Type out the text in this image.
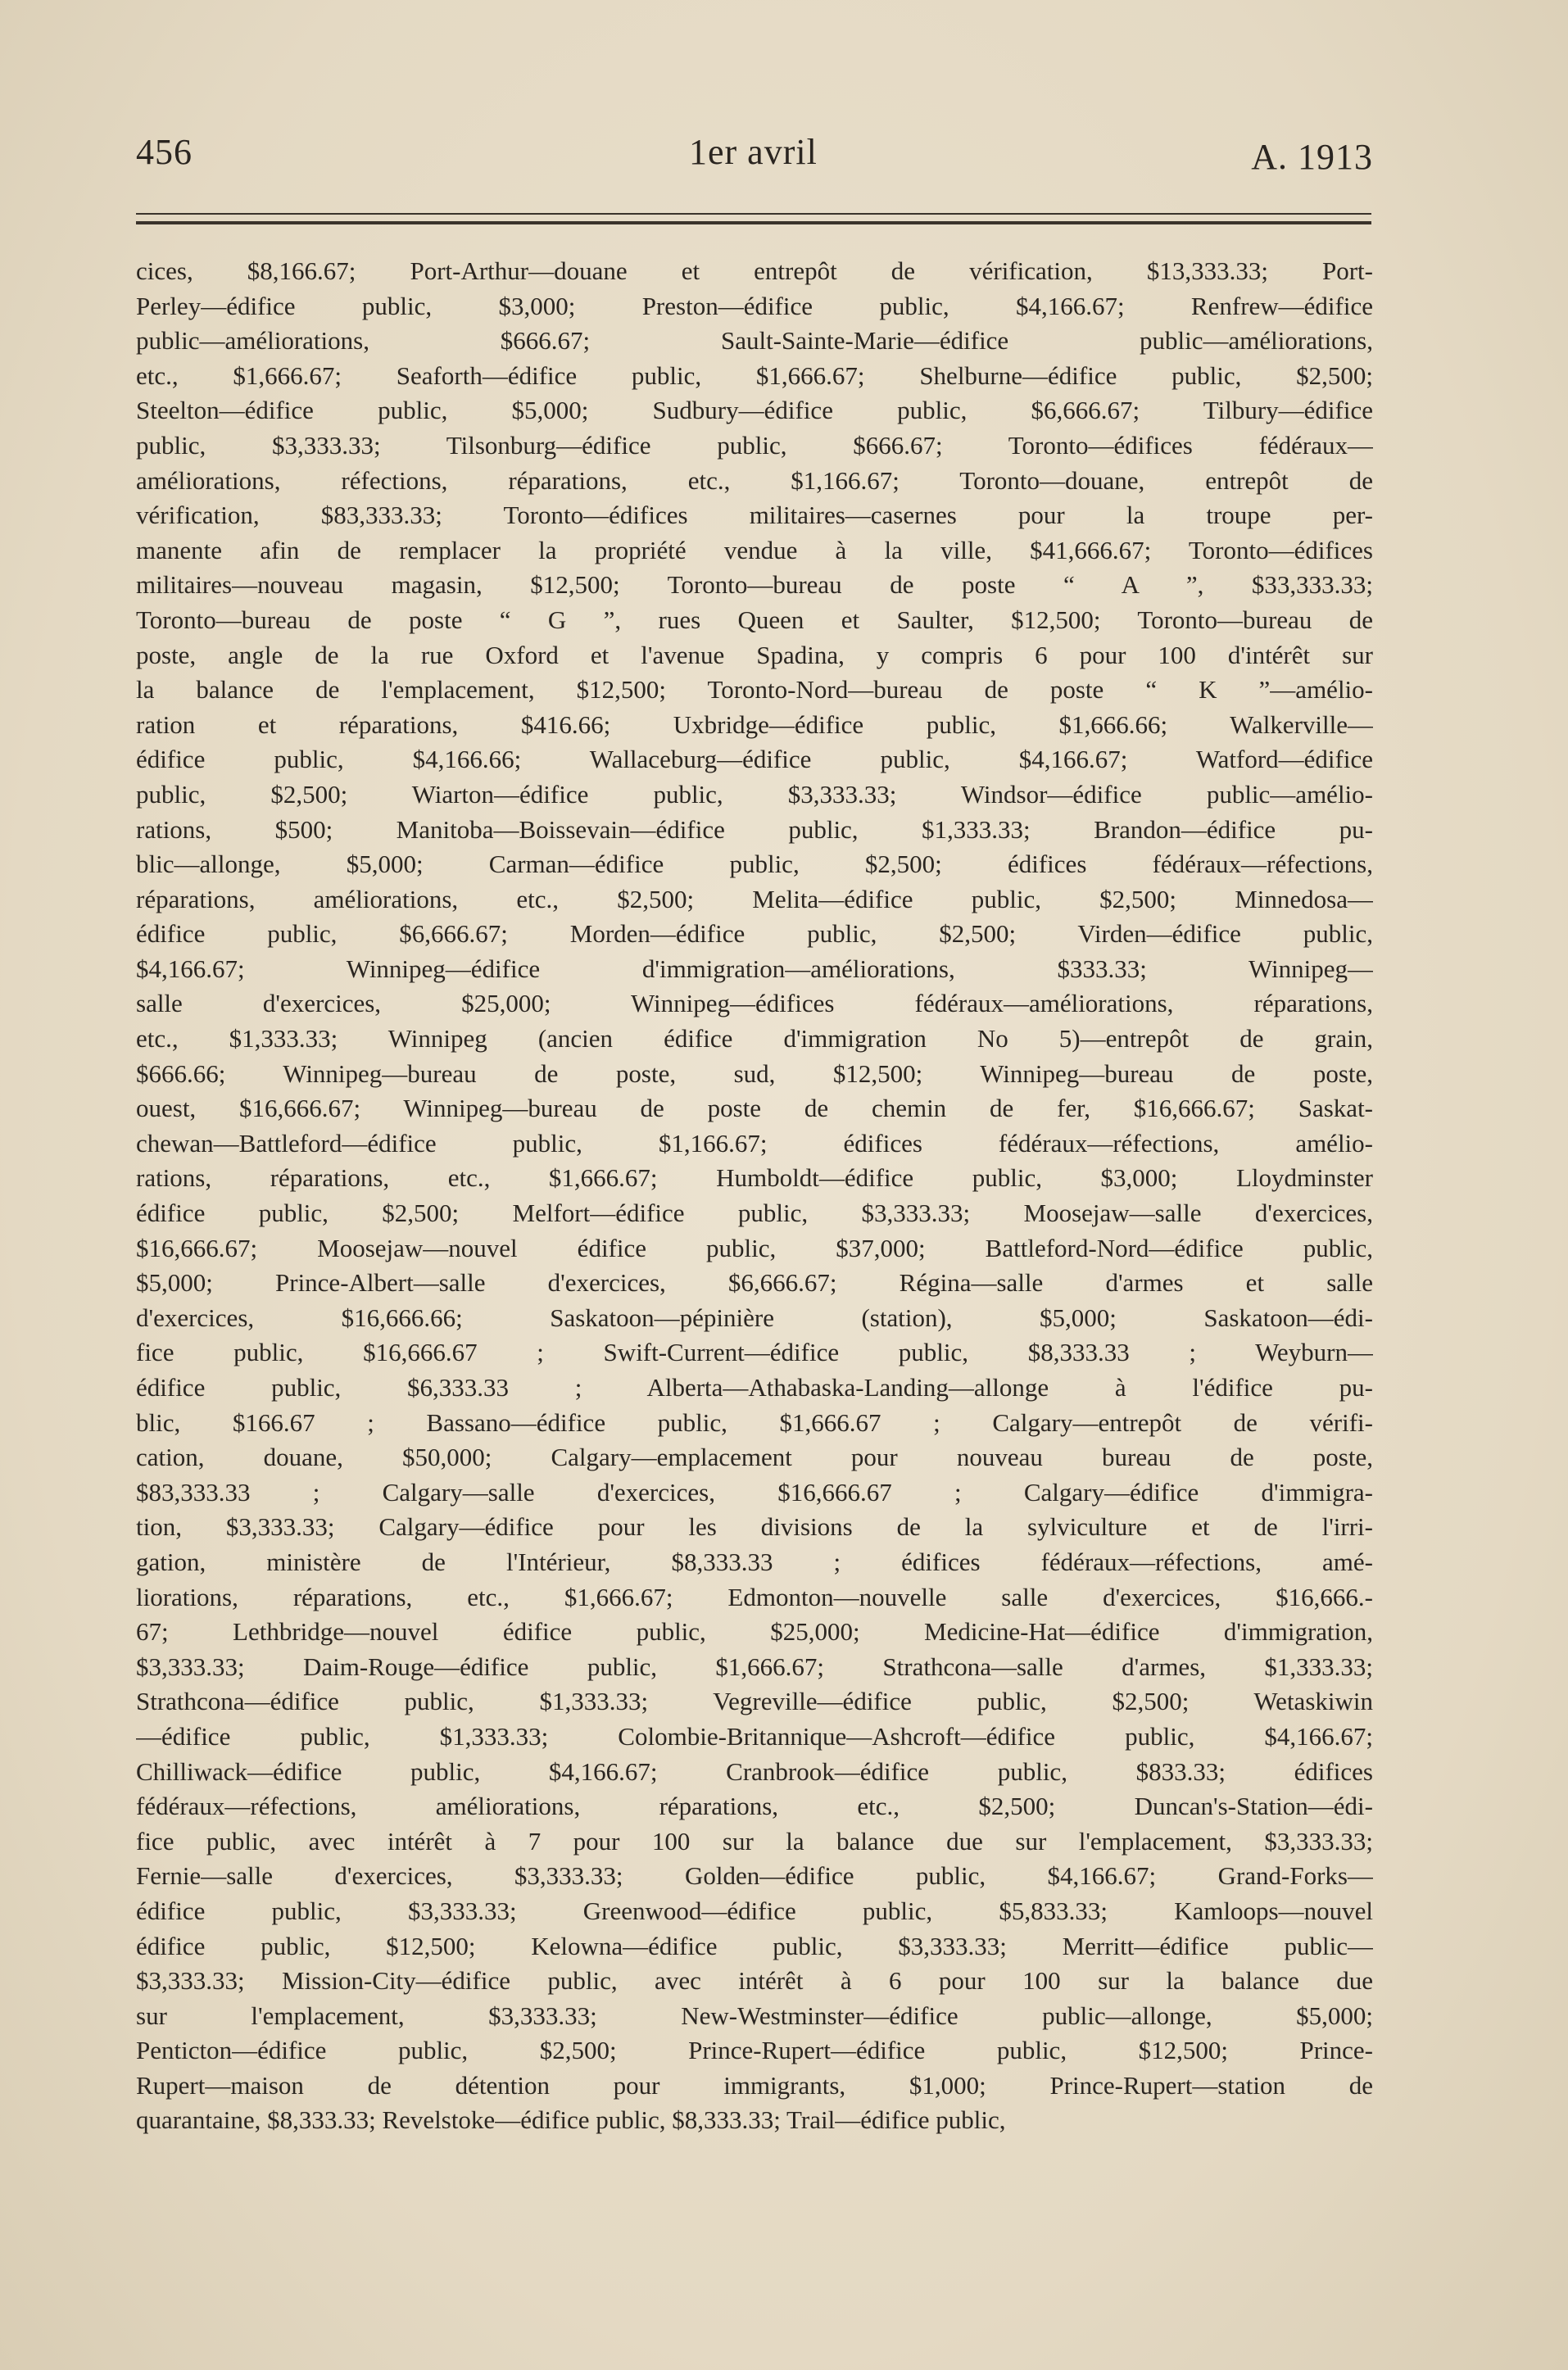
456	1er avril	A. 1913
cices, $8,166.67; Port-Arthur—douane et entrepôt de vérification, $13,333.33; Port-
Perley—édifice public, $3,000; Preston—édifice public, $4,166.67; Renfrew—édifice
public—améliorations, $666.67; Sault-Sainte-Marie—édifice public—améliorations,
etc., $1,666.67; Seaforth—édifice public, $1,666.67; Shelburne—édifice public, $2,500;
Steelton—édifice public, $5,000; Sudbury—édifice public, $6,666.67; Tilbury—édifice
public, $3,333.33; Tilsonburg—édifice public, $666.67; Toronto—édifices fédéraux—
améliorations, réfections, réparations, etc., $1,166.67; Toronto—douane, entrepôt de
vérification, $83,333.33; Toronto—édifices militaires—casernes pour la troupe per-
manente afin de remplacer la propriété vendue à la ville, $41,666.67; Toronto—édifices
militaires—nouveau magasin, $12,500; Toronto—bureau de poste “ A ”, $33,333.33;
Toronto—bureau de poste “ G ”, rues Queen et Saulter, $12,500; Toronto—bureau de
poste, angle de la rue Oxford et l'avenue Spadina, y compris 6 pour 100 d'intérêt sur
la balance de l'emplacement, $12,500; Toronto-Nord—bureau de poste “ K ”—amélio-
ration et réparations, $416.66; Uxbridge—édifice public, $1,666.66; Walkerville—
édifice public, $4,166.66; Wallaceburg—édifice public, $4,166.67; Watford—édifice
public, $2,500; Wiarton—édifice public, $3,333.33; Windsor—édifice public—amélio-
rations, $500; Manitoba—Boissevain—édifice public, $1,333.33; Brandon—édifice pu-
blic—allonge, $5,000; Carman—édifice public, $2,500; édifices fédéraux—réfections,
réparations, améliorations, etc., $2,500; Melita—édifice public, $2,500; Minnedosa—
édifice public, $6,666.67; Morden—édifice public, $2,500; Virden—édifice public,
$4,166.67; Winnipeg—édifice d'immigration—améliorations, $333.33; Winnipeg—
salle d'exercices, $25,000; Winnipeg—édifices fédéraux—améliorations, réparations,
etc., $1,333.33; Winnipeg (ancien édifice d'immigration No 5)—entrepôt de grain,
$666.66; Winnipeg—bureau de poste, sud, $12,500; Winnipeg—bureau de poste,
ouest, $16,666.67; Winnipeg—bureau de poste de chemin de fer, $16,666.67; Saskat-
chewan—Battleford—édifice public, $1,166.67; édifices fédéraux—réfections, amélio-
rations, réparations, etc., $1,666.67; Humboldt—édifice public, $3,000; Lloydminster
édifice public, $2,500; Melfort—édifice public, $3,333.33; Moosejaw—salle d'exercices,
$16,666.67; Moosejaw—nouvel édifice public, $37,000; Battleford-Nord—édifice public,
$5,000; Prince-Albert—salle d'exercices, $6,666.67; Régina—salle d'armes et salle
d'exercices, $16,666.66; Saskatoon—pépinière (station), $5,000; Saskatoon—édi-
fice public, $16,666.67 ; Swift-Current—édifice public, $8,333.33 ; Weyburn—
édifice public, $6,333.33 ; Alberta—Athabaska-Landing—allonge à l'édifice pu-
blic, $166.67 ; Bassano—édifice public, $1,666.67 ; Calgary—entrepôt de vérifi-
cation, douane, $50,000; Calgary—emplacement pour nouveau bureau de poste,
$83,333.33 ; Calgary—salle d'exercices, $16,666.67 ; Calgary—édifice d'immigra-
tion, $3,333.33; Calgary—édifice pour les divisions de la sylviculture et de l'irri-
gation, ministère de l'Intérieur, $8,333.33 ; édifices fédéraux—réfections, amé-
liorations, réparations, etc., $1,666.67; Edmonton—nouvelle salle d'exercices, $16,666.-
67; Lethbridge—nouvel édifice public, $25,000; Medicine-Hat—édifice d'immigration,
$3,333.33; Daim-Rouge—édifice public, $1,666.67; Strathcona—salle d'armes, $1,333.33;
Strathcona—édifice public, $1,333.33; Vegreville—édifice public, $2,500; Wetaskiwin
—édifice public, $1,333.33; Colombie-Britannique—Ashcroft—édifice public, $4,166.67;
Chilliwack—édifice public, $4,166.67; Cranbrook—édifice public, $833.33; édifices
fédéraux—réfections, améliorations, réparations, etc., $2,500; Duncan's-Station—édi-
fice public, avec intérêt à 7 pour 100 sur la balance due sur l'emplacement, $3,333.33;
Fernie—salle d'exercices, $3,333.33; Golden—édifice public, $4,166.67; Grand-Forks—
édifice public, $3,333.33; Greenwood—édifice public, $5,833.33; Kamloops—nouvel
édifice public, $12,500; Kelowna—édifice public, $3,333.33; Merritt—édifice public—
$3,333.33; Mission-City—édifice public, avec intérêt à 6 pour 100 sur la balance due
sur l'emplacement, $3,333.33; New-Westminster—édifice public—allonge, $5,000;
Penticton—édifice public, $2,500; Prince-Rupert—édifice public, $12,500; Prince-
Rupert—maison de détention pour immigrants, $1,000; Prince-Rupert—station de
quarantaine, $8,333.33; Revelstoke—édifice public, $8,333.33; Trail—édifice public,
